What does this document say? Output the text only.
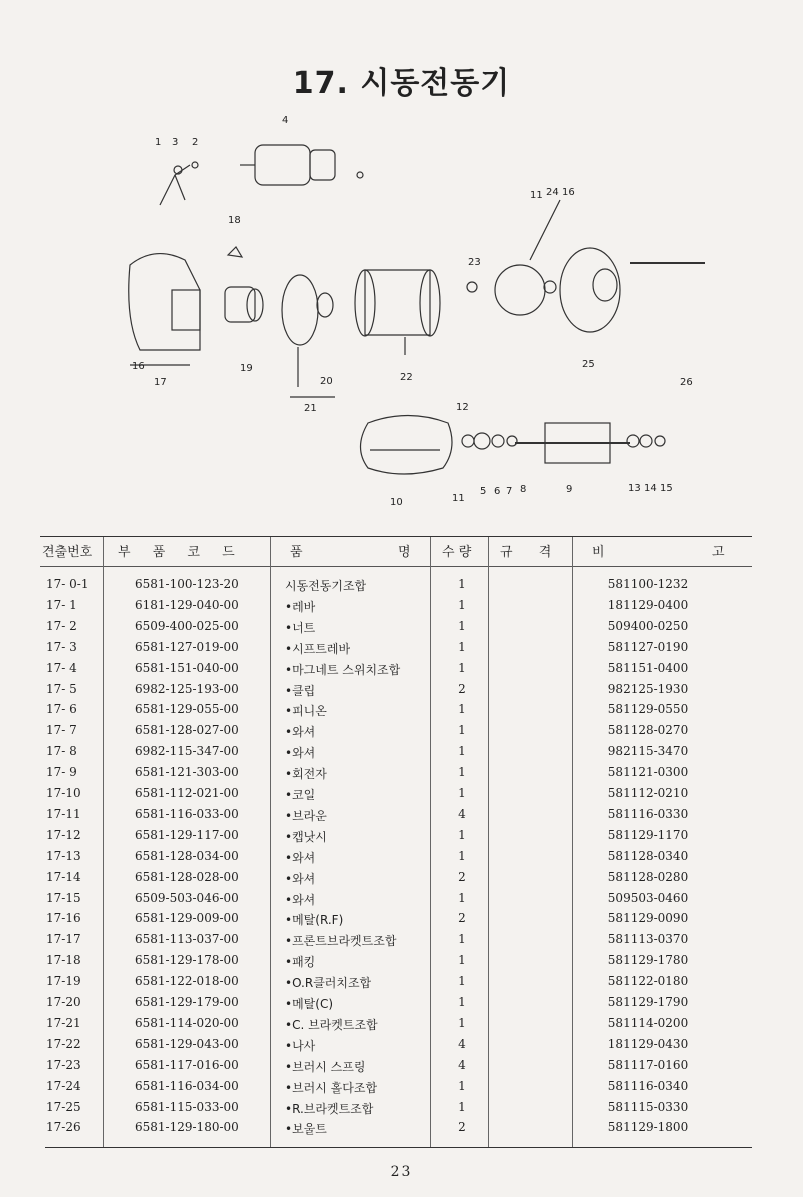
17. 시동전동기
1 3 2
4
18
11 24 16
23
16
17
19
20
21
22
25
26
12
10	11
5 6 7 8	9	13 14 15
견출번호 부 품 코 드	품	명 수 량 규 격	비	고
17- 0-1	6581-100-123-20	시동전동기조합	1	581100-1232
17- 1	6181-129-040-00	•레바	1	181129-0400
17- 2	6509-400-025-00	•너트	1	509400-0250
17- 3	6581-127-019-00	•시프트레바	1	581127-0190
17- 4	6581-151-040-00	•마그네트 스위치조합	1	581151-0400
17- 5	6982-125-193-00	•클립	2	982125-1930
17- 6	6581-129-055-00	•피니온	1	581129-0550
17- 7	6581-128-027-00	•와셔	1	581128-0270
17- 8	6982-115-347-00	•와셔	1	982115-3470
17- 9	6581-121-303-00	•회전자	1	581121-0300
17-10	6581-112-021-00	•코일	1	581112-0210
17-11	6581-116-033-00	•브라운	4	581116-0330
17-12	6581-129-117-00	•캡낫시	1	581129-1170
17-13	6581-128-034-00	•와셔	1	581128-0340
17-14	6581-128-028-00	•와셔	2	581128-0280
17-15	6509-503-046-00	•와셔	1	509503-0460
17-16	6581-129-009-00	•메탈(R.F)	2	581129-0090
17-17	6581-113-037-00	•프론트브라켓트조합	1	581113-0370
17-18	6581-129-178-00	•패킹	1	581129-1780
17-19	6581-122-018-00	•O.R클러치조합	1	581122-0180
17-20	6581-129-179-00	•메탈(C)	1	581129-1790
17-21	6581-114-020-00	•C. 브라켓트조합	1	581114-0200
17-22	6581-129-043-00	•나사	4	181129-0430
17-23	6581-117-016-00	•브러시 스프링	4	581117-0160
17-24	6581-116-034-00	•브러시 홀다조합	1	581116-0340
17-25	6581-115-033-00	•R.브라켓트조합	1	581115-0330
17-26	6581-129-180-00	•보울트	2	581129-1800
23
